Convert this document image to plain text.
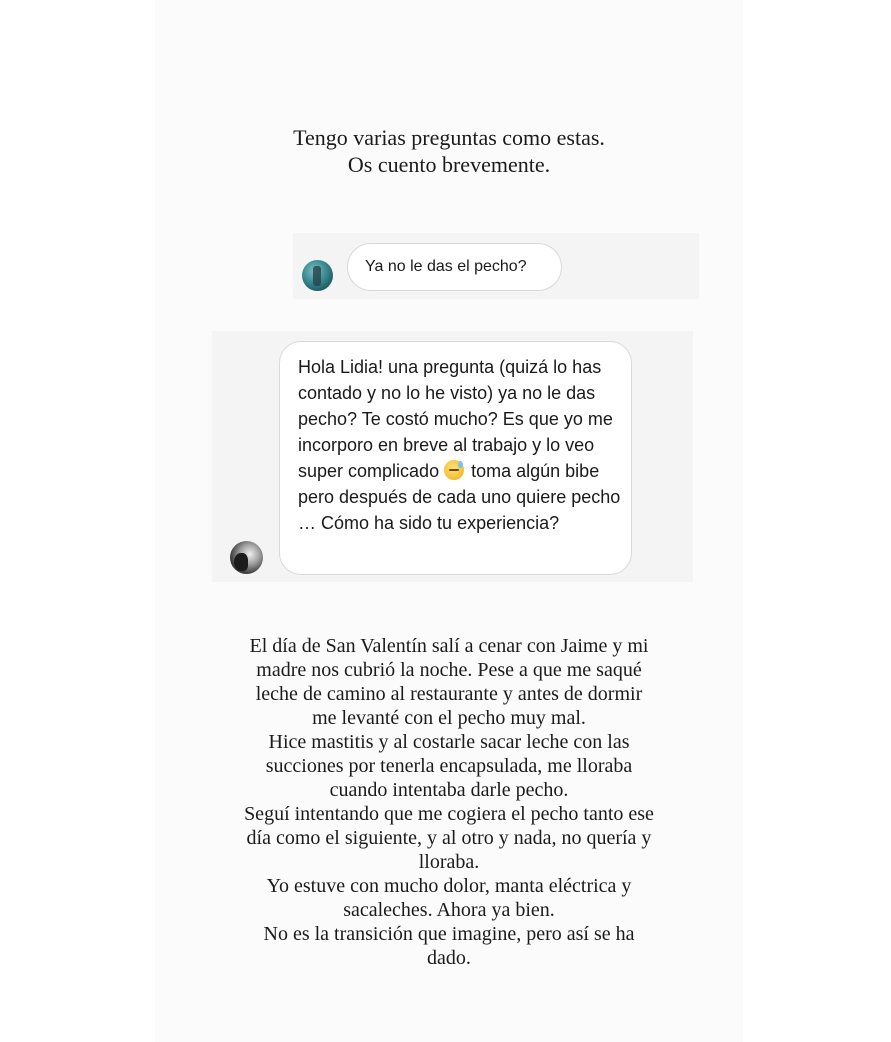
Tengo varias preguntas como estas.
Os cuento brevemente.
Ya no le das el pecho?
Hola Lidia! una pregunta (quizá lo has contado y no lo he visto) ya no le das pecho? Te costó mucho? Es que yo me incorporo en breve al trabajo y lo veo super complicado toma algún bibe pero después de cada uno quiere pecho … Cómo ha sido tu experiencia?
El día de San Valentín salí a cenar con Jaime y mi
madre nos cubrió la noche. Pese a que me saqué
leche de camino al restaurante y antes de dormir
me levanté con el pecho muy mal.
Hice mastitis y al costarle sacar leche con las
succiones por tenerla encapsulada, me lloraba
cuando intentaba darle pecho.
Seguí intentando que me cogiera el pecho tanto ese
día como el siguiente, y al otro y nada, no quería y
lloraba.
Yo estuve con mucho dolor, manta eléctrica y
sacaleches. Ahora ya bien.
No es la transición que imagine, pero así se ha
dado.
